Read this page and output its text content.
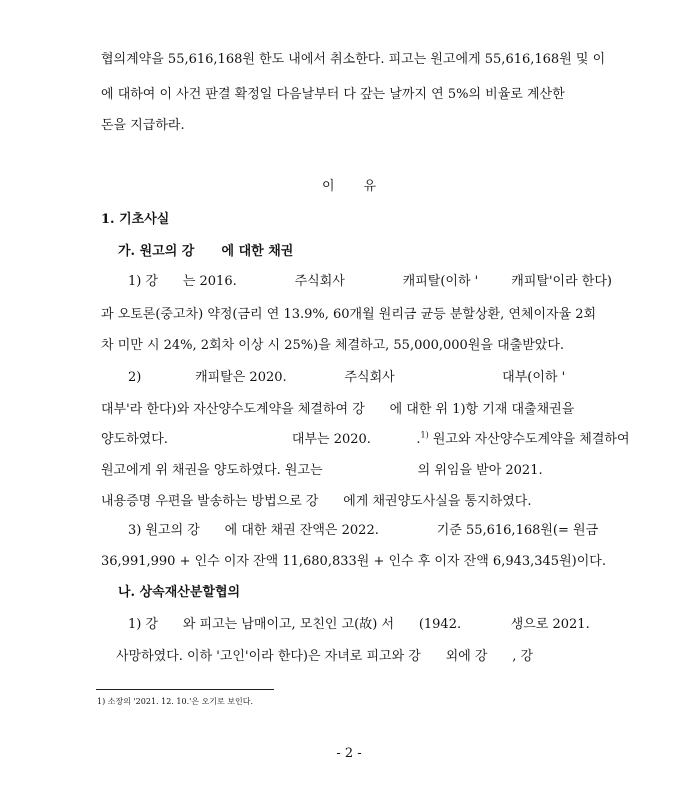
협의계약을 55,616,168원 한도 내에서 취소한다. 피고는 원고에게 55,616,168원 및 이
에 대하여 이 사건 판결 확정일 다음날부터 다 갚는 날까지 연 5%의 비율로 계산한
돈을 지급하라.
이       유
1. 기초사실
가. 원고의 강      에 대한 채권
1) 강      는 2016.              주식회사              캐피탈(이하 '        캐피탈'이라 한다)
과 오토론(중고차) 약정(금리 연 13.9%, 60개월 원리금 균등 분할상환, 연체이자율 2회
차 미만 시 24%, 2회차 이상 시 25%)을 체결하고, 55,000,000원을 대출받았다.
2)             캐피탈은 2020.              주식회사                          대부(이하 '
대부'라 한다)와 자산양수도계약을 체결하여 강      에 대한 위 1)항 기재 대출채권을
양도하였다.                              대부는 2020.           .$^{1)}$ 원고와 자산양수도계약을 체결하여
원고에게 위 채권을 양도하였다. 원고는                       의 위임을 받아 2021.
내용증명 우편을 발송하는 방법으로 강      에게 채권양도사실을 통지하였다.
3) 원고의 강      에 대한 채권 잔액은 2022.              기준 55,616,168원(= 원금
36,991,990 + 인수 이자 잔액 11,680,833원 + 인수 후 이자 잔액 6,943,345원)이다.
나. 상속재산분할협의
1) 강      와 피고는 남매이고, 모친인 고(故) 서      (1942.            생으로 2021.
사망하였다. 이하 '고인'이라 한다)은 자녀로 피고와 강      외에 강      , 강
1) 소장의 '2021. 12. 10.'은 오기로 보인다.
- 2 -
